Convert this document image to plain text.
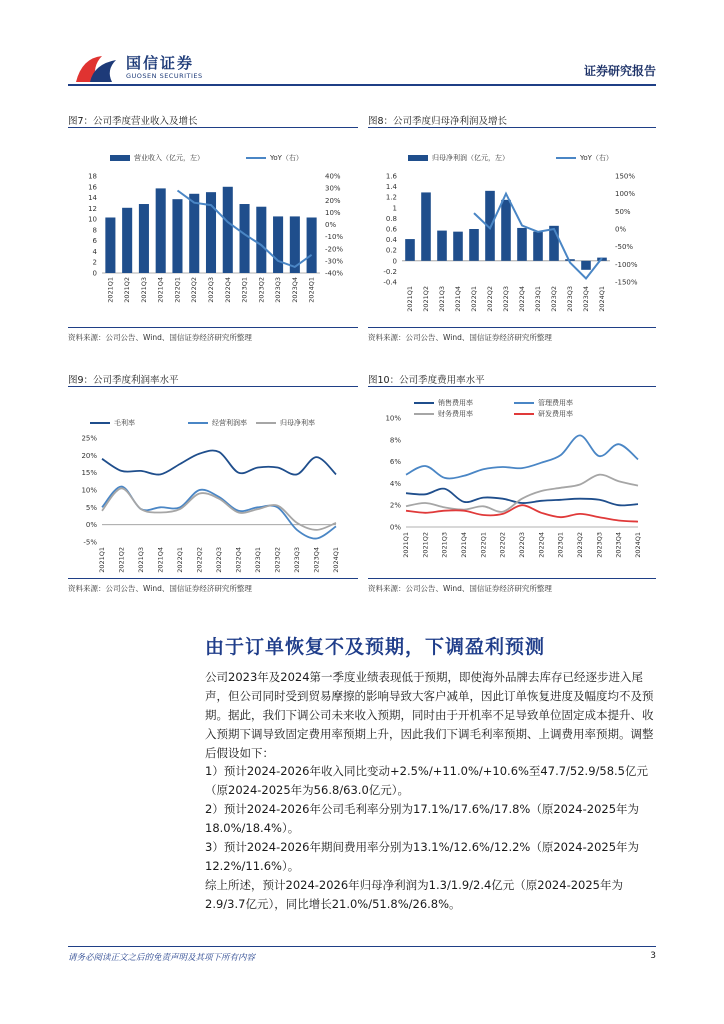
国信证券
GUOSEN SECURITIES	证券研究报告
图7：公司季度营业收入及增长	图8：公司季度归母净利润及增长
0
2
4
6
8
10
12
14
16
18
-40%
-30%
-20%
-10%
0%
10%
20%
30%
40%
2021Q1 2021Q2 2021Q3 2021Q4 2022Q1 2022Q2 2022Q3 2022Q4 2023Q1 2023Q2 2023Q3 2023Q4 2024Q1
营业收入（亿元，左）	YoY（右）
-0.4
-0.2
0
0.2
0.4
0.6
0.8
1
1.2
1.4
1.6
-150%
-100%
-50%
0%
50%
100%
150%
2021Q1 2021Q2 2021Q3 2021Q4 2022Q1 2022Q2 2022Q3 2022Q4 2023Q1 2023Q2 2023Q3 2023Q4 2024Q1
归母净利润（亿元，左）	YoY（右）
资料来源：公司公告、Wind、国信证券经济研究所整理	资料来源：公司公告、Wind、国信证券经济研究所整理
图9：公司季度利润率水平	图10：公司季度费用率水平
-5%
0%
5%
10%
15%
20%
25%
2021Q1 2021Q2 2021Q3 2021Q4 2022Q1 2022Q2 2022Q3 2022Q4 2023Q1 2023Q2 2023Q3 2023Q4 2024Q1
毛利率	经营利润率	归母净利率
0%
2%
4%
6%
8%
10%
2021Q1 2021Q2 2021Q3 2021Q4 2022Q1 2022Q2 2022Q3 2022Q4 2023Q1 2023Q2 2023Q3 2023Q4 2024Q1
销售费用率	管理费用率
财务费用率	研发费用率
资料来源：公司公告、Wind、国信证券经济研究所整理	资料来源：公司公告、Wind、国信证券经济研究所整理
由于订单恢复不及预期，下调盈利预测
公司2023年及2024第一季度业绩表现低于预期，即使海外品牌去库存已经逐步进入尾声，但公司同时受到贸易摩擦的影响导致大客户减单，因此订单恢复进度及幅度均不及预期。据此，我们下调公司未来收入预期，同时由于开机率不足导致单位固定成本提升、收入预期下调导致固定费用率预期上升，因此我们下调毛利率预期、上调费用率预期。调整后假设如下：
1）预计2024-2026年收入同比变动+2.5%/+11.0%/+10.6%至47.7/52.9/58.5亿元（原2024-2025年为56.8/63.0亿元）。
2）预计2024-2026年公司毛利率分别为17.1%/17.6%/17.8%（原2024-2025年为18.0%/18.4%）。
3）预计2024-2026年期间费用率分别为13.1%/12.6%/12.2%（原2024-2025年为12.2%/11.6%）。
综上所述，预计2024-2026年归母净利润为1.3/1.9/2.4亿元（原2024-2025年为2.9/3.7亿元），同比增长21.0%/51.8%/26.8%。
请务必阅读正文之后的免责声明及其项下所有内容	3
